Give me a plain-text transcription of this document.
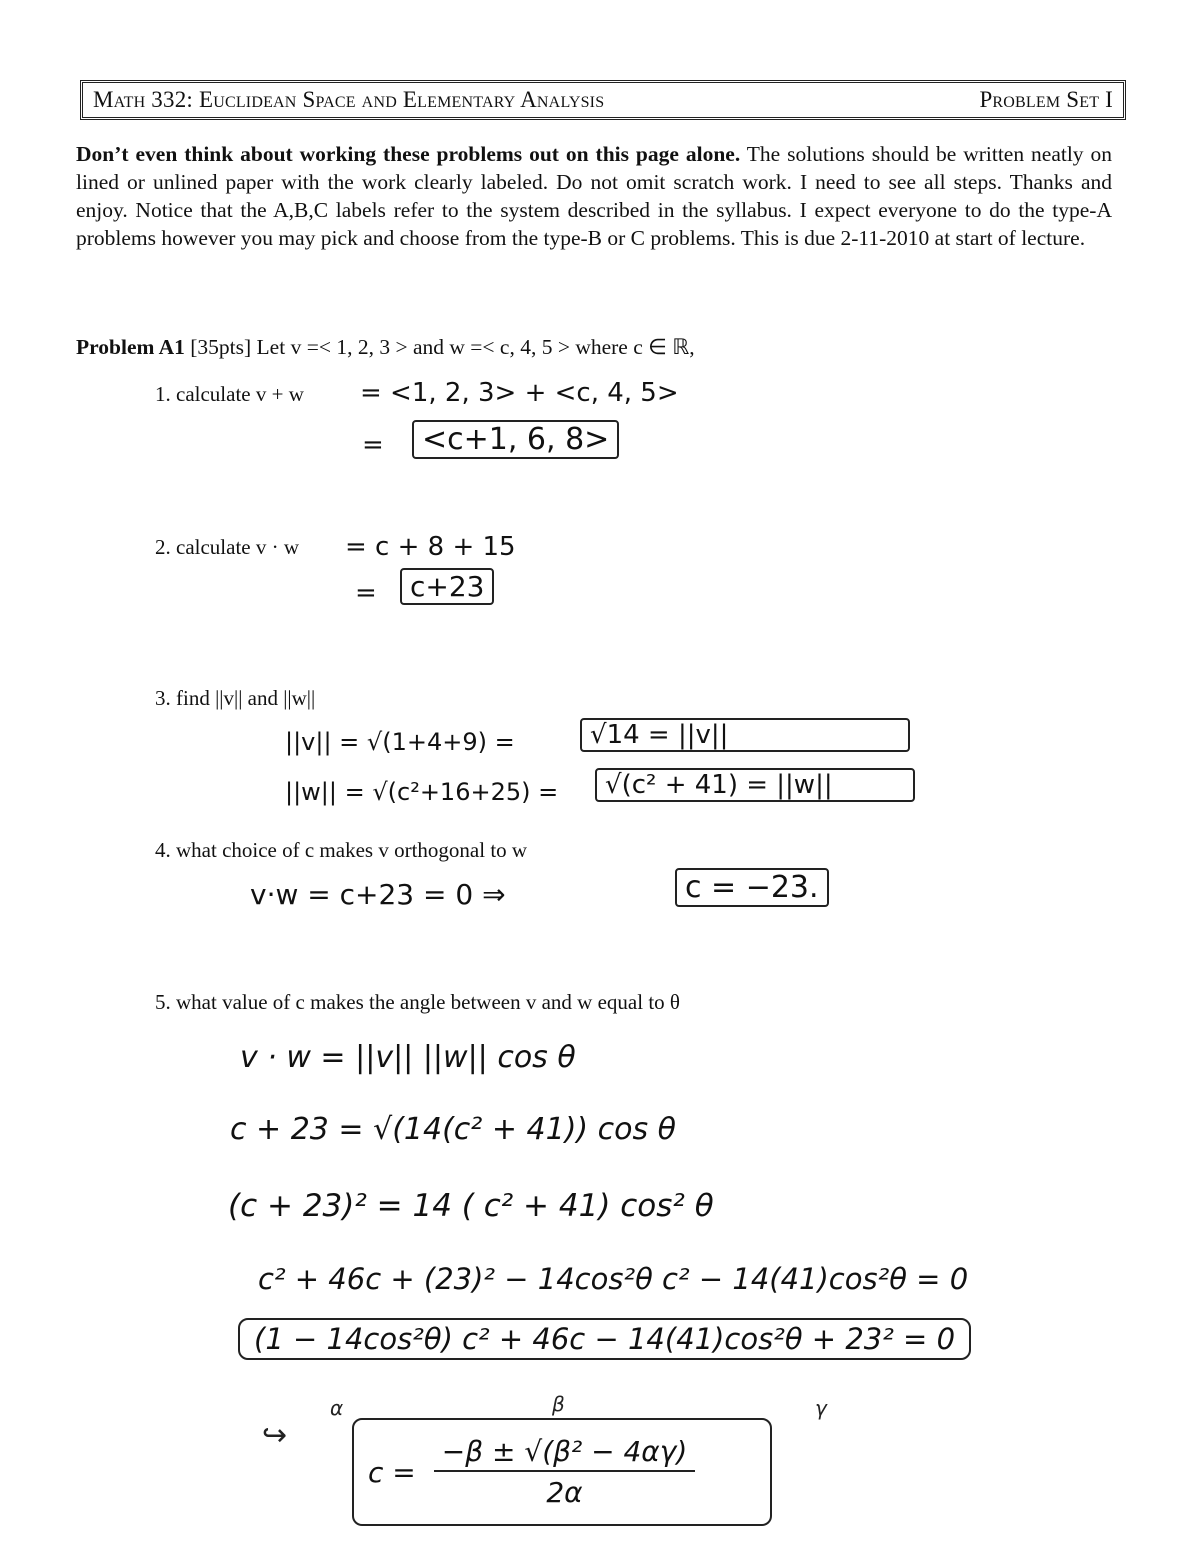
Math 332: Euclidean Space and Elementary Analysis	Problem Set I
Don’t even think about working these problems out on this page alone. The solutions should be written neatly on lined or unlined paper with the work clearly labeled. Do not omit scratch work. I need to see all steps. Thanks and enjoy. Notice that the A,B,C labels refer to the system described in the syllabus. I expect everyone to do the type-A problems however you may pick and choose from the type-B or C problems. This is due 2-11-2010 at start of lecture.
Problem A1 [35pts] Let v =< 1, 2, 3 > and w =< c, 4, 5 > where c ∈ ℝ,
1. calculate v + w = <1, 2, 3> + <c, 4, 5>
=	<c+1, 6, 8>
2. calculate v · w = c + 8 + 15
=	c+23
3. find ||v|| and ||w||
||v|| = √(1+4+9) =	√14 = ||v||
||w|| = √(c²+16+25) =	√(c² + 41) = ||w||
4. what choice of c makes v orthogonal to w
v·w = c+23 = 0 ⇒	c = −23.
5. what value of c makes the angle between v and w equal to θ
v · w = ||v|| ||w|| cos θ
c + 23 = √(14(c² + 41)) cos θ
(c + 23)² = 14 ( c² + 41) cos² θ
c² + 46c + (23)² − 14cos²θ c² − 14(41)cos²θ = 0
(1 − 14cos²θ) c² + 46c − 14(41)cos²θ + 23² = 0
α	β	γ
↪
$c = \frac{\text{−β ± √(β² − 4αγ)}}{2\alpha}$
